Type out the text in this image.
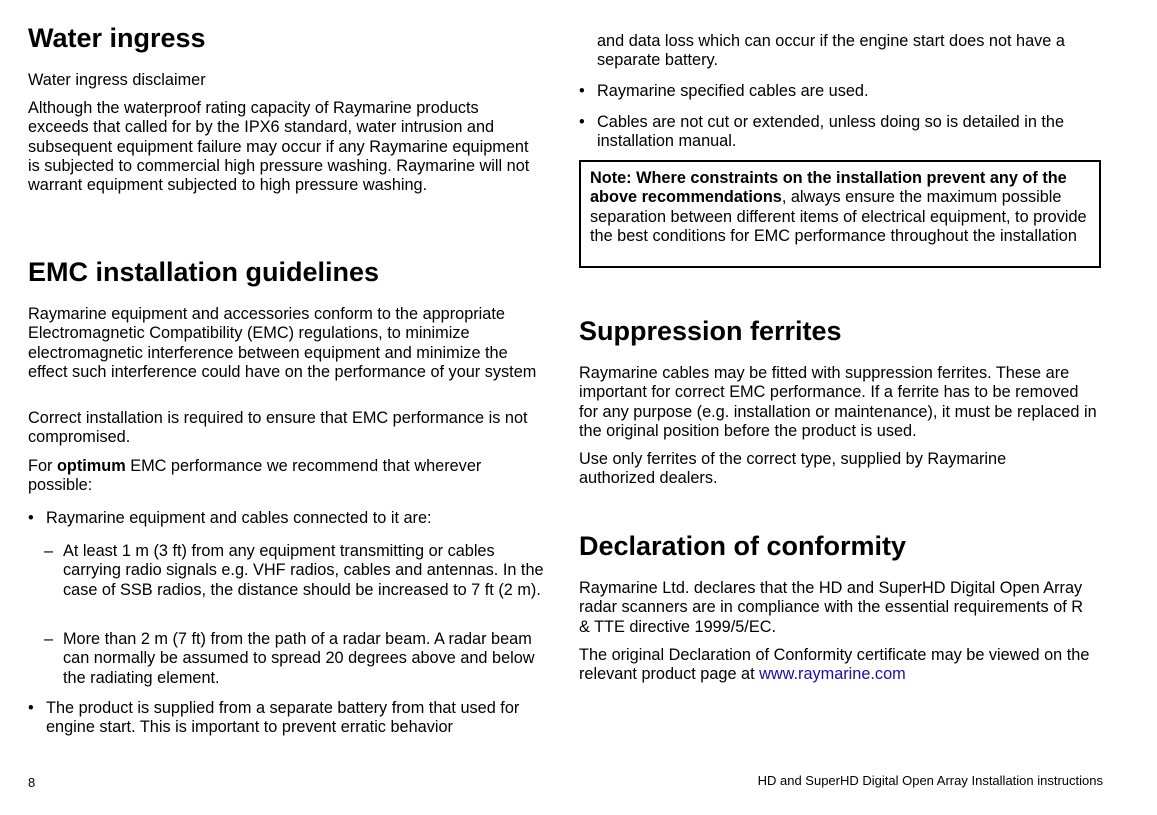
Water ingress

Water ingress disclaimer

Although the waterproof rating capacity of Raymarine products exceeds that called for by the IPX6 standard, water intrusion and subsequent equipment failure may occur if any Raymarine equipment is subjected to commercial high pressure washing. Raymarine will not warrant equipment subjected to high pressure washing.

EMC installation guidelines

Raymarine equipment and accessories conform to the appropriate Electromagnetic Compatibility (EMC) regulations, to minimize electromagnetic interference between equipment and minimize the effect such interference could have on the performance of your system

Correct installation is required to ensure that EMC performance is not compromised.

For optimum EMC performance we recommend that wherever possible:

• Raymarine equipment and cables connected to it are:
– At least 1 m (3 ft) from any equipment transmitting or cables carrying radio signals e.g. VHF radios, cables and antennas. In the case of SSB radios, the distance should be increased to 7 ft (2 m).
– More than 2 m (7 ft) from the path of a radar beam. A radar beam can normally be assumed to spread 20 degrees above and below the radiating element.
• The product is supplied from a separate battery from that used for engine start. This is important to prevent erratic behavior

and data loss which can occur if the engine start does not have a separate battery.

• Raymarine specified cables are used.
• Cables are not cut or extended, unless doing so is detailed in the installation manual.
Note: Where constraints on the installation prevent any of the above recommendations, always ensure the maximum possible separation between different items of electrical equipment, to provide the best conditions for EMC performance throughout the installation
Suppression ferrites

Raymarine cables may be fitted with suppression ferrites. These are important for correct EMC performance. If a ferrite has to be removed for any purpose (e.g. installation or maintenance), it must be replaced in the original position before the product is used.

Use only ferrites of the correct type, supplied by Raymarine authorized dealers.

Declaration of conformity

Raymarine Ltd. declares that the HD and SuperHD Digital Open Array radar scanners are in compliance with the essential requirements of R & TTE directive 1999/5/EC.

The original Declaration of Conformity certificate may be viewed on the relevant product page at www.raymarine.com

8	HD and SuperHD Digital Open Array Installation instructions
